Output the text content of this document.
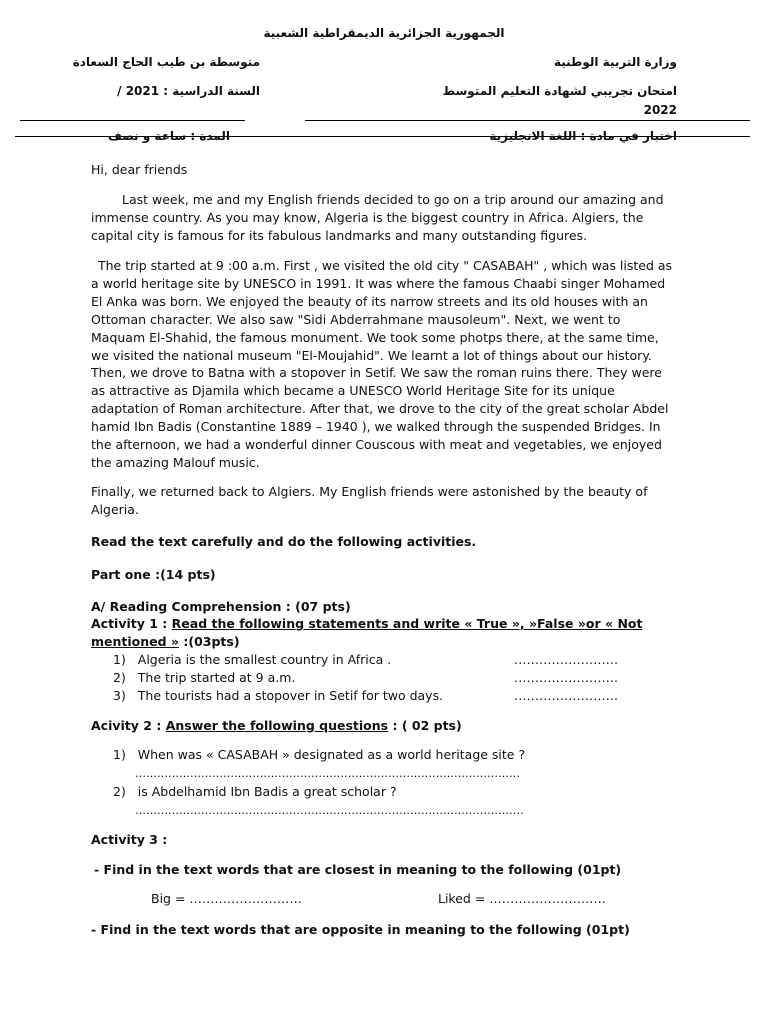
الجمهورية الجزائرية الديمقراطية الشعبية
متوسطة بن طيب الحاج السعادة	وزارة التربية الوطنية
السنة الدراسية : 2021 /	امتحان تجريبي لشهادة التعليم المتوسط
2022
المدة : ساعة و نصف	اختبار في مادة : اللغة الانجليزية
Hi, dear friends
Last week, me and my English friends decided to go on a trip around our amazing and
immense country. As you may know, Algeria is the biggest country in Africa. Algiers, the
capital city is famous for its fabulous landmarks and many outstanding figures.
The trip started at 9 :00 a.m. First , we visited the old city " CASABAH" , which was listed as
a world heritage site by UNESCO in 1991. It was where the famous Chaabi singer Mohamed
El Anka was born. We enjoyed the beauty of its narrow streets and its old houses with an
Ottoman character. We also saw "Sidi Abderrahmane mausoleum". Next, we went to
Maquam El-Shahid, the famous monument. We took some photps there, at the same time,
we visited the national museum "El-Moujahid". We learnt a lot of things about our history.
Then, we drove to Batna with a stopover in Setif. We saw the roman ruins there. They were
as attractive as Djamila which became a UNESCO World Heritage Site for its unique
adaptation of Roman architecture. After that, we drove to the city of the great scholar Abdel
hamid Ibn Badis (Constantine 1889 – 1940 ), we walked through the suspended Bridges. In
the afternoon, we had a wonderful dinner Couscous with meat and vegetables, we enjoyed
the amazing Malouf music.
Finally, we returned back to Algiers. My English friends were astonished by the beauty of
Algeria.
Read the text carefully and do the following activities.
Part one :(14 pts)
A/ Reading Comprehension : (07 pts)
Activity 1 : Read the following statements and write « True », »False »or « Not
mentioned » :(03pts)
1) Algeria is the smallest country in Africa .	…………………….
2) The trip started at 9 a.m.	…………………….
3) The tourists had a stopover in Setif for two days.	…………………….
Acivity 2 : Answer the following questions : ( 02 pts)
1) When was « CASABAH » designated as a world heritage site ?
……………………………………………………………………………………………
2) is Abdelhamid Ibn Badis a great scholar ?
…………………………………………………………………………………………….
Activity 3 :
- Find in the text words that are closest in meaning to the following (01pt)
Big = ………………………	Liked = ……………………….
- Find in the text words that are opposite in meaning to the following (01pt)
